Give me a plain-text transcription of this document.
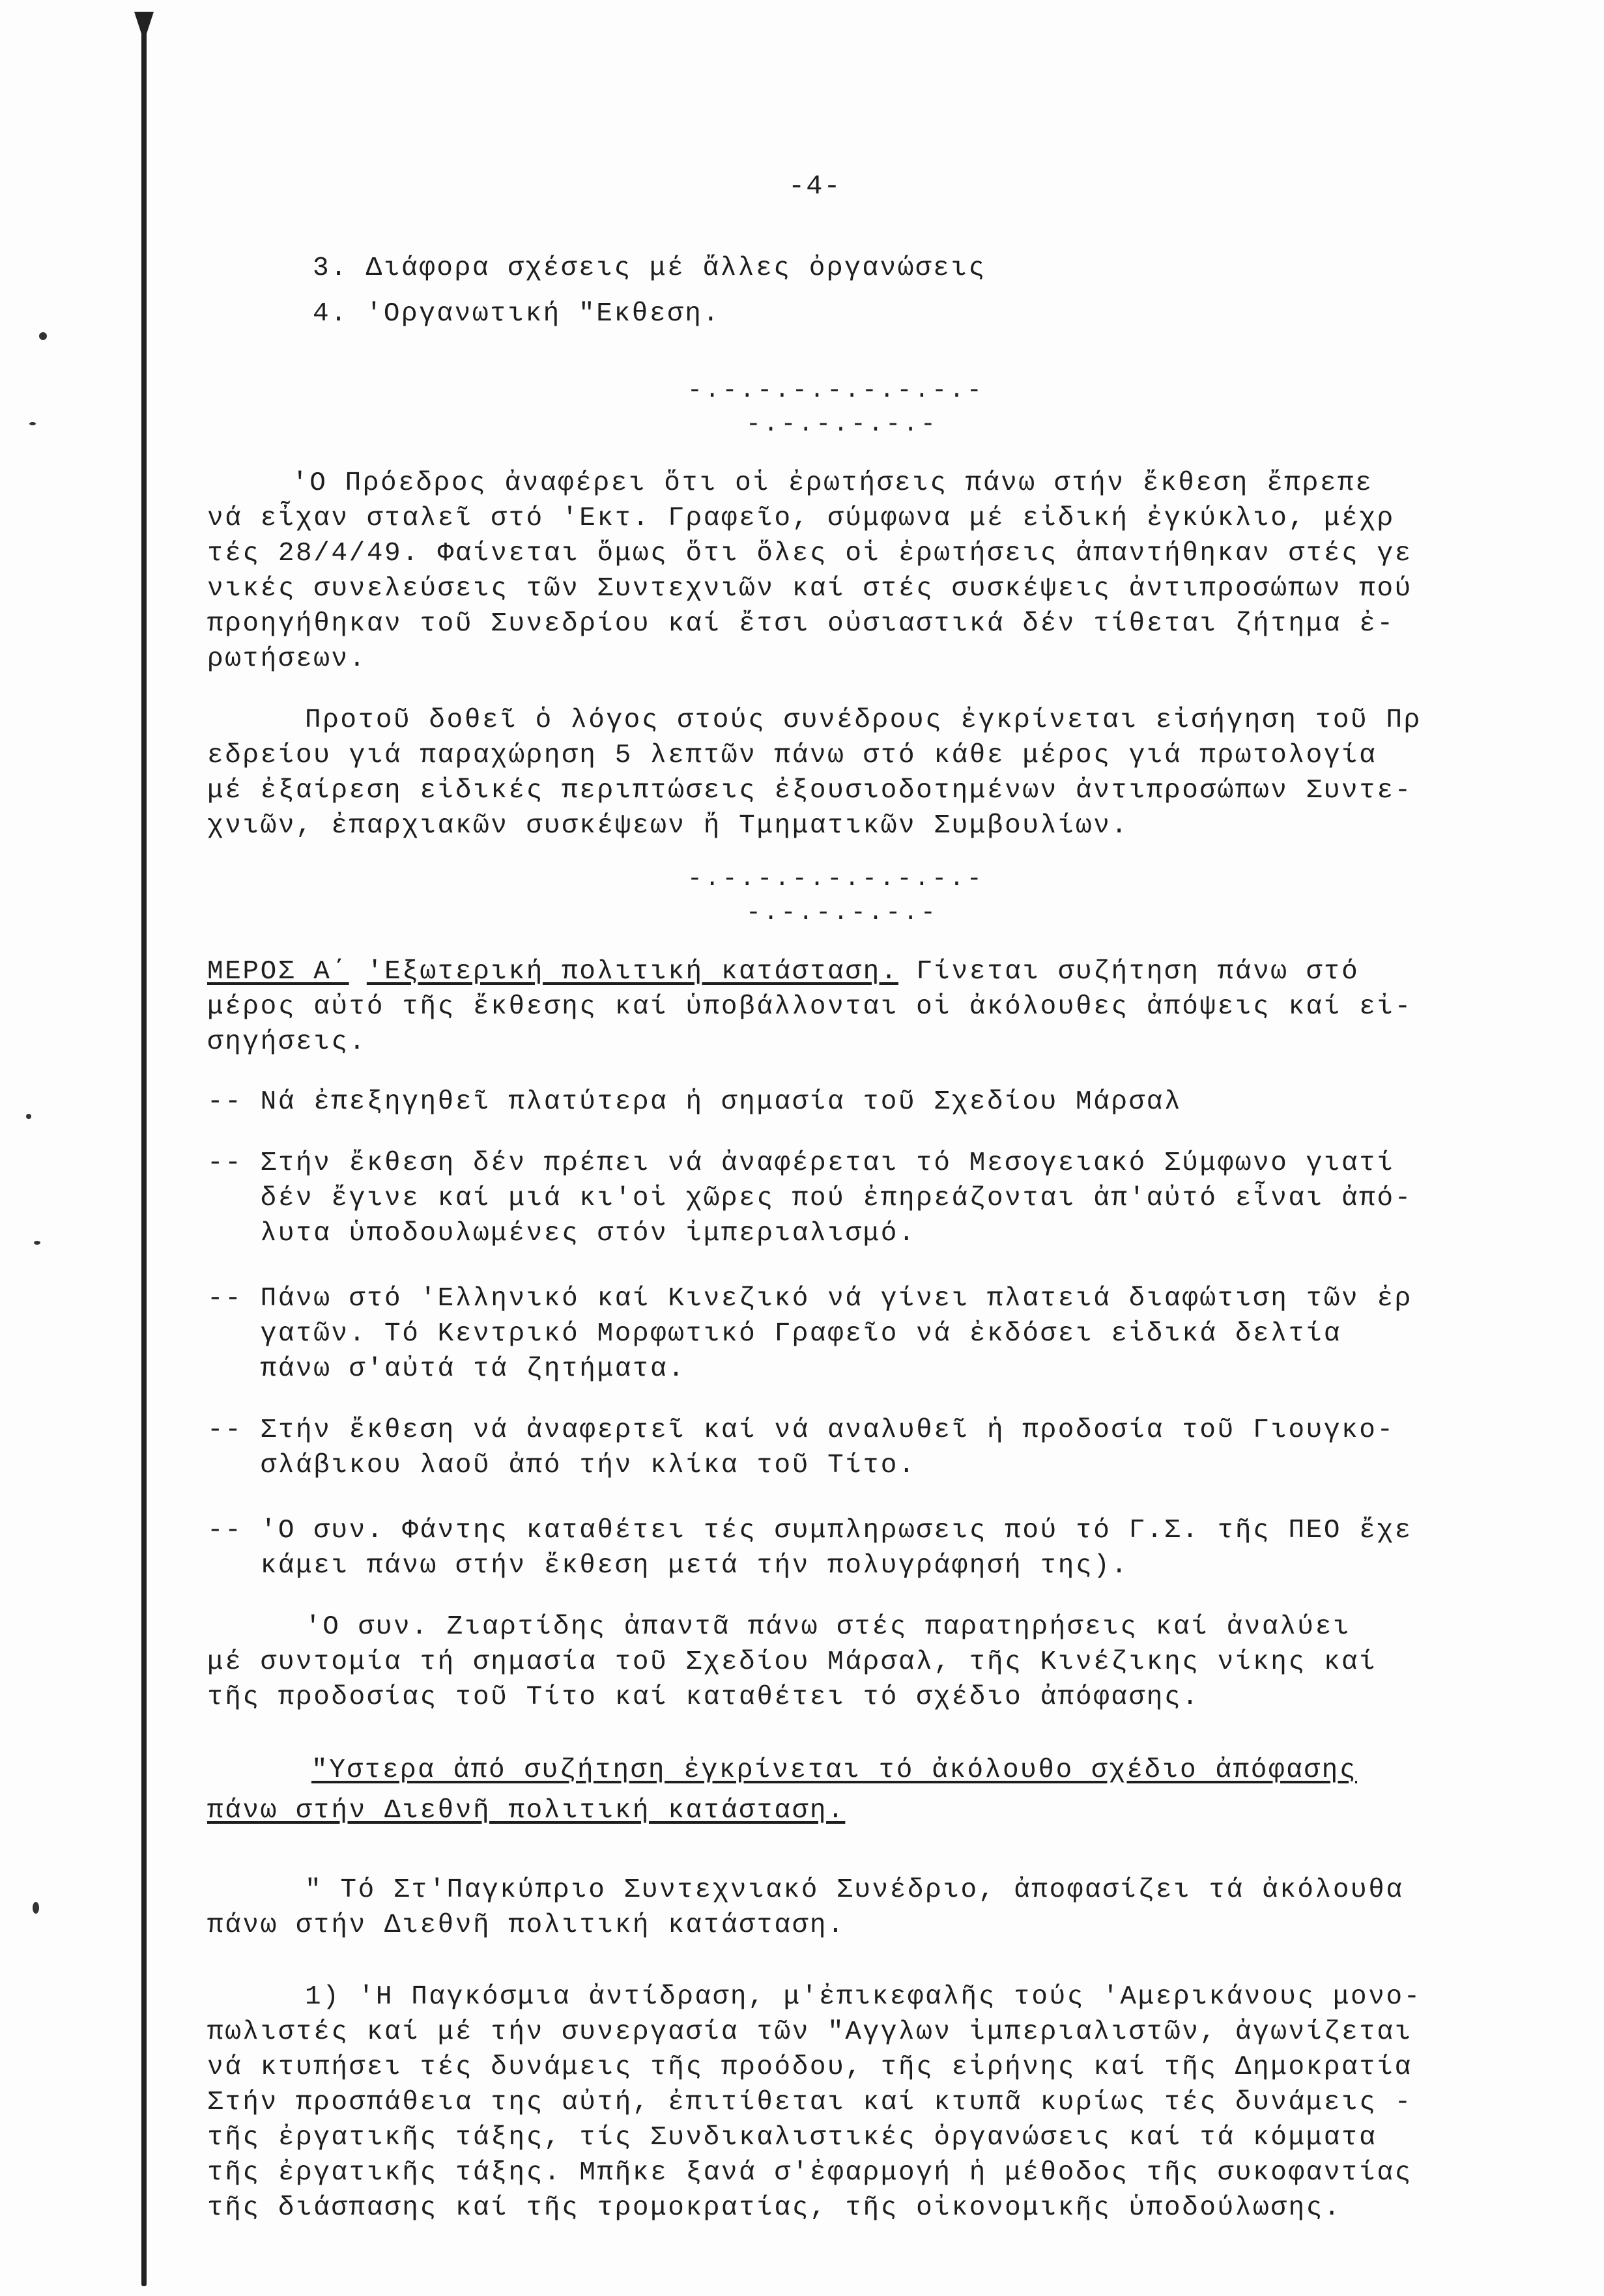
-4-
3. Διάφορα σχέσεις μέ ἄλλες ὀργανώσεις
4. 'Οργανωτική "Εκθεση.
-.-.-.-.-.-.-.-.-
-.-.-.-.-.-
'Ο Πρόεδρος ἀναφέρει ὅτι οἱ ἐρωτήσεις πάνω στήν ἔκθεση ἔπρεπε
νά εἶχαν σταλεῖ στό 'Εκτ. Γραφεῖο, σύμφωνα μέ εἰδική ἐγκύκλιο, μέχρ
τές 28/4/49. Φαίνεται ὅμως ὅτι ὅλες οἱ ἐρωτήσεις ἀπαντήθηκαν στές γε
νικές συνελεύσεις τῶν Συντεχνιῶν καί στές συσκέψεις ἀντιπροσώπων πού
προηγήθηκαν τοῦ Συνεδρίου καί ἔτσι οὐσιαστικά δέν τίθεται ζήτημα ἐ-
ρωτήσεων.
Προτοῦ δοθεῖ ὁ λόγος στούς συνέδρους ἐγκρίνεται εἰσήγηση τοῦ Πρ
εδρείου γιά παραχώρηση 5 λεπτῶν πάνω στό κάθε μέρος γιά πρωτολογία
μέ ἐξαίρεση εἰδικές περιπτώσεις ἐξουσιοδοτημένων ἀντιπροσώπων Συντε-
χνιῶν, ἐπαρχιακῶν συσκέψεων ἤ Τμηματικῶν Συμβουλίων.
-.-.-.-.-.-.-.-.-
-.-.-.-.-.-
ΜΕΡΟΣ Α΄ 'Εξωτερική πολιτική κατάσταση. Γίνεται συζήτηση πάνω στό
μέρος αὐτό τῆς ἔκθεσης καί ὑποβάλλονται οἱ ἀκόλουθες ἀπόψεις καί εἰ-
σηγήσεις.
-- Νά ἐπεξηγηθεῖ πλατύτερα ἡ σημασία τοῦ Σχεδίου Μάρσαλ
-- Στήν ἔκθεση δέν πρέπει νά ἀναφέρεται τό Μεσογειακό Σύμφωνο γιατί
δέν ἔγινε καί μιά κι'οἱ χῶρες πού ἐπηρεάζονται ἀπ'αὐτό εἶναι ἀπό-
λυτα ὑποδουλωμένες στόν ἰμπεριαλισμό.
-- Πάνω στό 'Ελληνικό καί Κινεζικό νά γίνει πλατειά διαφώτιση τῶν ἐρ
γατῶν. Τό Κεντρικό Μορφωτικό Γραφεῖο νά ἐκδόσει εἰδικά δελτία
πάνω σ'αὐτά τά ζητήματα.
-- Στήν ἔκθεση νά ἀναφερτεῖ καί νά αναλυθεῖ ἡ προδοσία τοῦ Γιουγκο-
σλάβικου λαοῦ ἀπό τήν κλίκα τοῦ Τίτο.
-- 'Ο συν. Φάντης καταθέτει τές συμπληρωσεις πού τό Γ.Σ. τῆς ΠΕΟ ἔχε
κάμει πάνω στήν ἔκθεση μετά τήν πολυγράφησή της).
'Ο συν. Ζιαρτίδης ἀπαντᾶ πάνω στές παρατηρήσεις καί ἀναλύει
μέ συντομία τή σημασία τοῦ Σχεδίου Μάρσαλ, τῆς Κινέζικης νίκης καί
τῆς προδοσίας τοῦ Τίτο καί καταθέτει τό σχέδιο ἀπόφασης.
"Υστερα ἀπό συζήτηση ἐγκρίνεται τό ἀκόλουθο σχέδιο ἀπόφασης
πάνω στήν Διεθνῆ πολιτική κατάσταση.
" Τό Στ'Παγκύπριο Συντεχνιακό Συνέδριο, ἀποφασίζει τά ἀκόλουθα
πάνω στήν Διεθνῆ πολιτική κατάσταση.
1) 'Η Παγκόσμια ἀντίδραση, μ'ἐπικεφαλῆς τούς 'Αμερικάνους μονο-
πωλιστές καί μέ τήν συνεργασία τῶν "Αγγλων ἰμπεριαλιστῶν, ἀγωνίζεται
νά κτυπήσει τές δυνάμεις τῆς προόδου, τῆς εἰρήνης καί τῆς Δημοκρατία
Στήν προσπάθεια της αὐτή, ἐπιτίθεται καί κτυπᾶ κυρίως τές δυνάμεις -
τῆς ἐργατικῆς τάξης, τίς Συνδικαλιστικές ὀργανώσεις καί τά κόμματα
τῆς ἐργατικῆς τάξης. Μπῆκε ξανά σ'ἐφαρμογή ἡ μέθοδος τῆς συκοφαντίας
τῆς διάσπασης καί τῆς τρομοκρατίας, τῆς οἰκονομικῆς ὑποδούλωσης.
